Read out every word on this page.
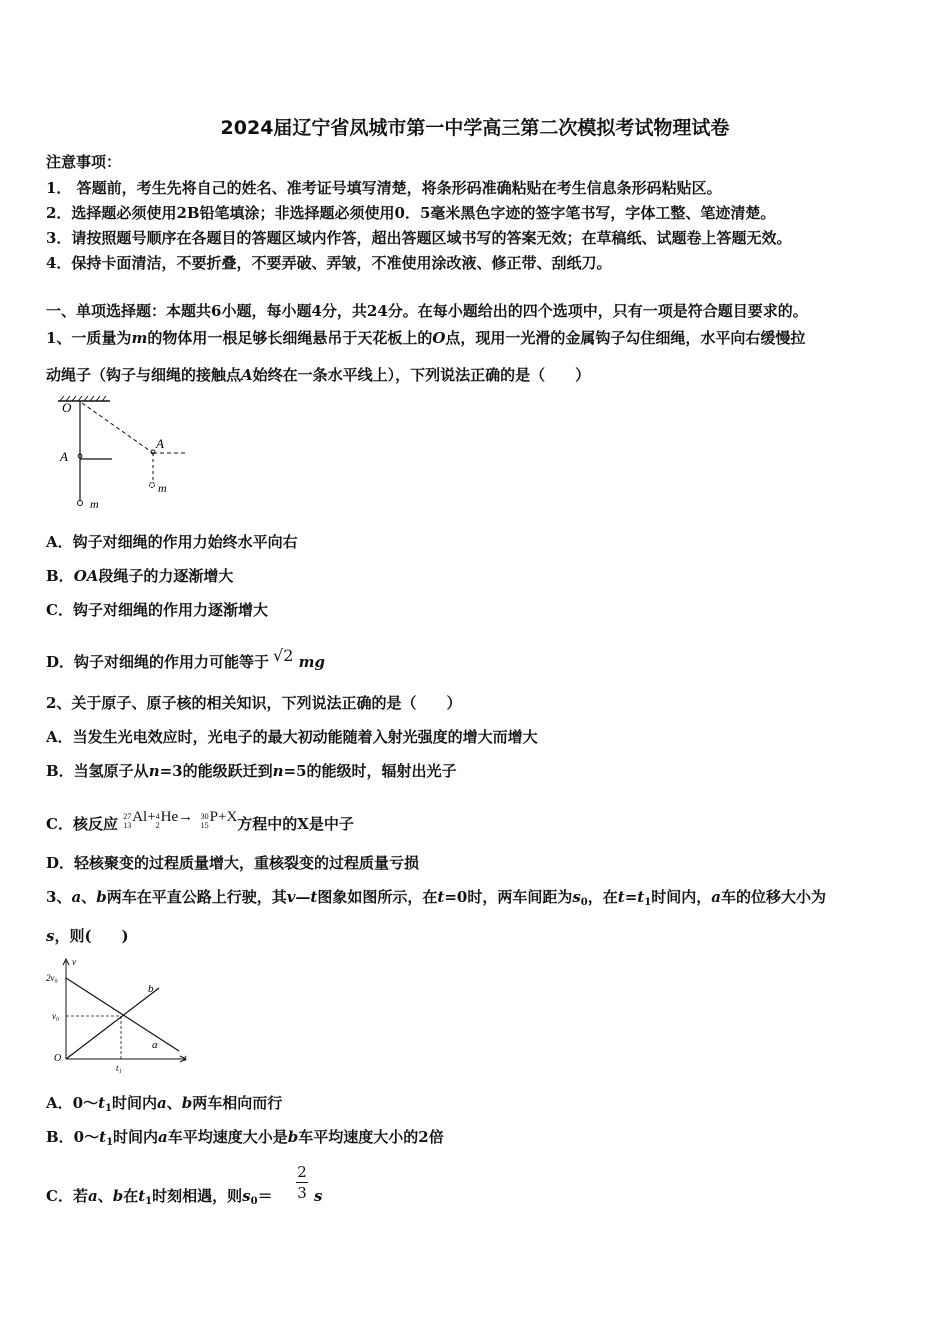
2024届辽宁省凤城市第一中学高三第二次模拟考试物理试卷
注意事项：
1． 答题前，考生先将自己的姓名、准考证号填写清楚，将条形码准确粘贴在考生信息条形码粘贴区。
2．选择题必须使用2B铅笔填涂；非选择题必须使用0．5毫米黑色字迹的签字笔书写，字体工整、笔迹清楚。
3．请按照题号顺序在各题目的答题区域内作答，超出答题区域书写的答案无效；在草稿纸、试题卷上答题无效。
4．保持卡面清洁，不要折叠，不要弄破、弄皱，不准使用涂改液、修正带、刮纸刀。
一、单项选择题：本题共6小题，每小题4分，共24分。在每小题给出的四个选项中，只有一项是符合题目要求的。
1、一质量为m的物体用一根足够长细绳悬吊于天花板上的O点，现用一光滑的金属钩子勾住细绳，水平向右缓慢拉
动绳子（钩子与细绳的接触点A始终在一条水平线上），下列说法正确的是（　　）
O
A
m
A
m
A．钩子对细绳的作用力始终水平向右
B．OA段绳子的力逐渐增大
C．钩子对细绳的作用力逐渐增大
D．钩子对细绳的作用力可能等于 √2 mg
2、关于原子、原子核的相关知识，下列说法正确的是（　　）
A．当发生光电效应时，光电子的最大初动能随着入射光强度的增大而增大
B．当氢原子从n=3的能级跃迁到n=5的能级时，辐射出光子
C．核反应 27
13
Al+ 4
2
He→ 30
15
P+X方程中的X是中子
D．轻核聚变的过程质量增大，重核裂变的过程质量亏损
3、a、b两车在平直公路上行驶，其v—t图象如图所示，在t=0时，两车间距为$s_0$，在$t=t_1$时间内，a车的位移大小为
s，则(　　)
v
2v₀
v₀
O
t₁
t
a
b
A．$0\sim t_1$时间内a、b两车相向而行
B．$0\sim t_1$时间内a车平均速度大小是b车平均速度大小的2倍
C．若a、b在$t_1$时刻相遇，则$s_0=$
2
3 s
